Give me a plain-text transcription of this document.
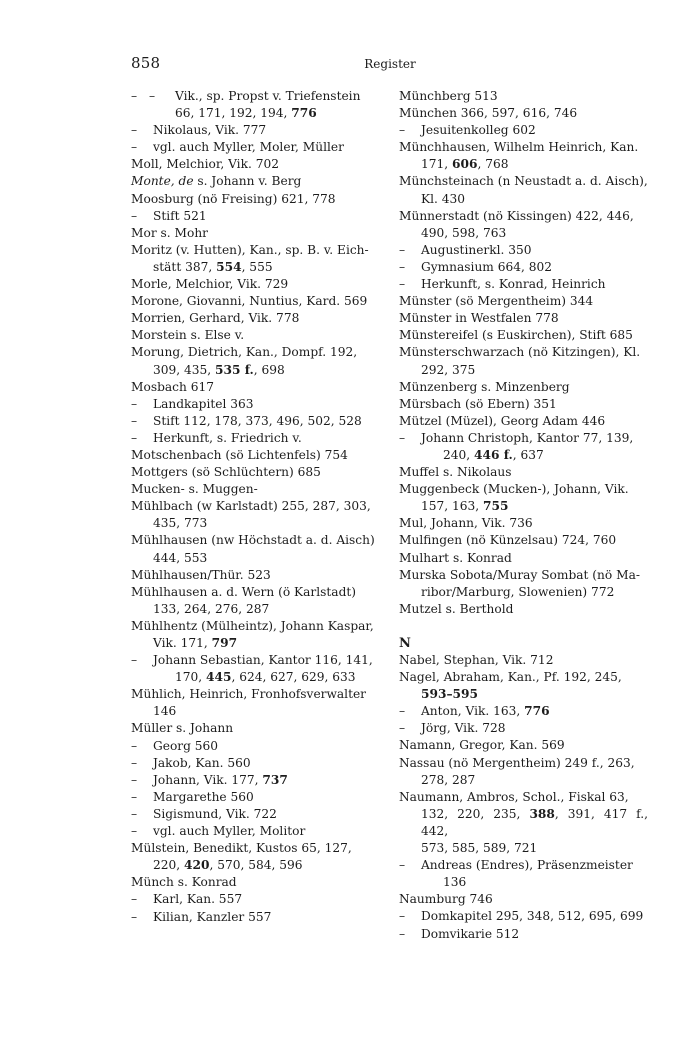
858	Register
– – Vik., sp. Propst v. Triefenstein
66, 171, 192, 194, 776
– Nikolaus, Vik. 777
– vgl. auch Myller, Moler, Müller
Moll, Melchior, Vik. 702
Monte, de s. Johann v. Berg
Moosburg (nö Freising) 621, 778
– Stift 521
Mor s. Mohr
Moritz (v. Hutten), Kan., sp. B. v. Eich-
stätt 387, 554, 555
Morle, Melchior, Vik. 729
Morone, Giovanni, Nuntius, Kard. 569
Morrien, Gerhard, Vik. 778
Morstein s. Else v.
Morung, Dietrich, Kan., Dompf. 192,
309, 435, 535 f., 698
Mosbach 617
– Landkapitel 363
– Stift 112, 178, 373, 496, 502, 528
– Herkunft, s. Friedrich v.
Motschenbach (sö Lichtenfels) 754
Mottgers (sö Schlüchtern) 685
Mucken- s. Muggen-
Mühlbach (w Karlstadt) 255, 287, 303,
435, 773
Mühlhausen (nw Höchstadt a. d. Aisch)
444, 553
Mühlhausen/Thür. 523
Mühlhausen a. d. Wern (ö Karlstadt)
133, 264, 276, 287
Mühlhentz (Mülheintz), Johann Kaspar,
Vik. 171, 797
– Johann Sebastian, Kantor 116, 141,
170, 445, 624, 627, 629, 633
Mühlich, Heinrich, Fronhofsverwalter
146
Müller s. Johann
– Georg 560
– Jakob, Kan. 560
– Johann, Vik. 177, 737
– Margarethe 560
– Sigismund, Vik. 722
– vgl. auch Myller, Molitor
Mülstein, Benedikt, Kustos 65, 127,
220, 420, 570, 584, 596
Münch s. Konrad
– Karl, Kan. 557
– Kilian, Kanzler 557
Münchberg 513
München 366, 597, 616, 746
– Jesuitenkolleg 602
Münchhausen, Wilhelm Heinrich, Kan.
171, 606, 768
Münchsteinach (n Neustadt a. d. Aisch),
Kl. 430
Münnerstadt (nö Kissingen) 422, 446,
490, 598, 763
– Augustinerkl. 350
– Gymnasium 664, 802
– Herkunft, s. Konrad, Heinrich
Münster (sö Mergentheim) 344
Münster in Westfalen 778
Münstereifel (s Euskirchen), Stift 685
Münsterschwarzach (nö Kitzingen), Kl.
292, 375
Münzenberg s. Minzenberg
Mürsbach (sö Ebern) 351
Mützel (Müzel), Georg Adam 446
– Johann Christoph, Kantor 77, 139,
240, 446 f., 637
Muffel s. Nikolaus
Muggenbeck (Mucken-), Johann, Vik.
157, 163, 755
Mul, Johann, Vik. 736
Mulfingen (nö Künzelsau) 724, 760
Mulhart s. Konrad
Murska Sobota/Muray Sombat (nö Ma-
ribor/Marburg, Slowenien) 772
Mutzel s. Berthold
N
Nabel, Stephan, Vik. 712
Nagel, Abraham, Kan., Pf. 192, 245,
593–595
– Anton, Vik. 163, 776
– Jörg, Vik. 728
Namann, Gregor, Kan. 569
Nassau (nö Mergentheim) 249 f., 263,
278, 287
Naumann, Ambros, Schol., Fiskal 63,
132, 220, 235, 388, 391, 417 f., 442,
573, 585, 589, 721
– Andreas (Endres), Präsenzmeister
136
Naumburg 746
– Domkapitel 295, 348, 512, 695, 699
– Domvikarie 512
